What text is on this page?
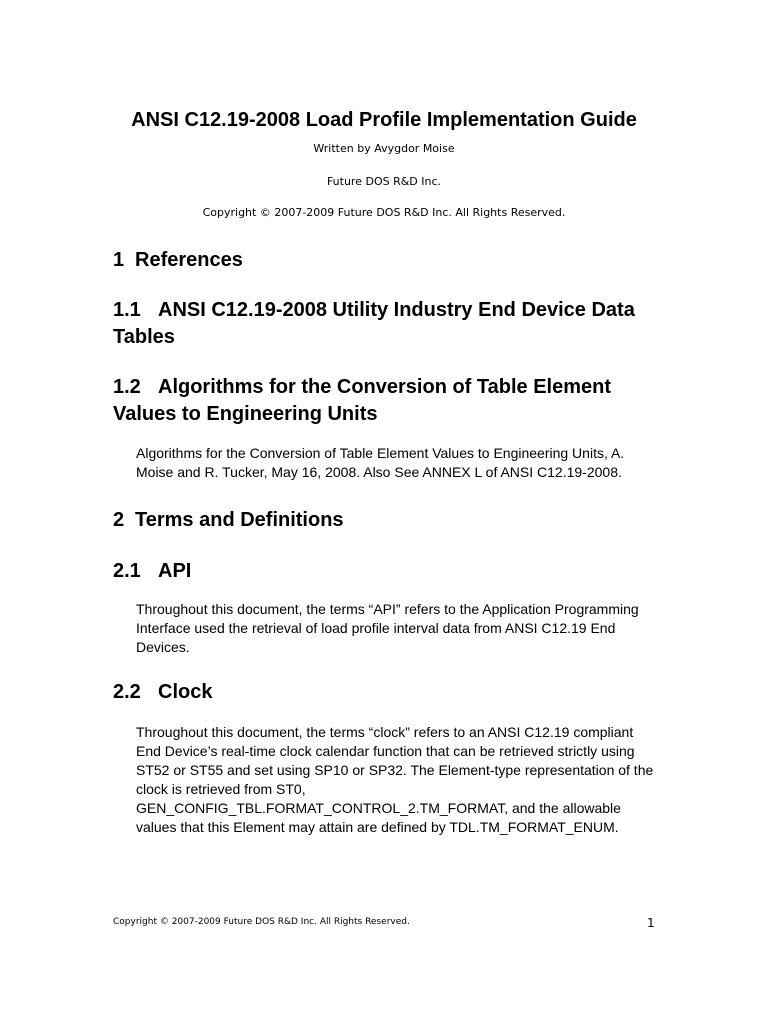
ANSI C12.19-2008 Load Profile Implementation Guide

Written by Avygdor Moise

Future DOS R&D Inc.

Copyright © 2007-2009 Future DOS R&D Inc. All Rights Reserved.

1 References
1.1 ANSI C12.19-2008 Utility Industry End Device Data Tables
1.2 Algorithms for the Conversion of Table Element Values to Engineering Units

Algorithms for the Conversion of Table Element Values to Engineering Units, A. Moise and R. Tucker, May 16, 2008. Also See ANNEX L of ANSI C12.19-2008.

2 Terms and Definitions
2.1 API

Throughout this document, the terms “API” refers to the Application Programming Interface used the retrieval of load profile interval data from ANSI C12.19 End Devices.

2.2 Clock

Throughout this document, the terms “clock” refers to an ANSI C12.19 compliant End Device’s real-time clock calendar function that can be retrieved strictly using ST52 or ST55 and set using SP10 or SP32. The Element-type representation of the clock is retrieved from ST0, GEN_CONFIG_TBL.FORMAT_CONTROL_2.TM_FORMAT, and the allowable values that this Element may attain are defined by TDL.TM_FORMAT_ENUM.

Copyright © 2007-2009 Future DOS R&D Inc. All Rights Reserved.	1
